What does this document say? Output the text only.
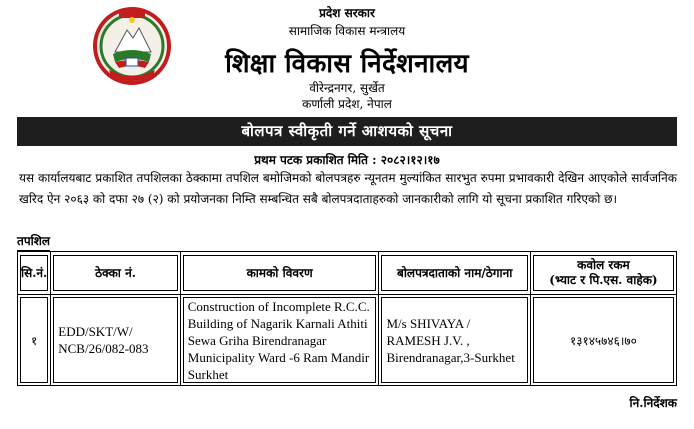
प्रदेश सरकार
सामाजिक विकास मन्त्रालय
शिक्षा विकास निर्देशनालय
वीरेन्द्रनगर, सुर्खेत
कर्णाली प्रदेश, नेपाल
बोलपत्र स्वीकृती गर्ने आशयको सूचना
प्रथम पटक प्रकाशित मिति : २०८२।१२।१७
यस कार्यालयबाट प्रकाशित तपशिलका ठेक्कामा तपशिल बमोजिमको बोलपत्रहरु न्यूनतम मुल्यांकित सारभुत रुपमा प्रभावकारी देखिन आएकोले सार्वजनिक खरिद ऐन २०६३ को दफा २७ (२) को प्रयोजनका निम्ति सम्बन्धित सबै बोलपत्रदाताहरुको जानकारीको लागि यो सूचना प्रकाशित गरिएको छ।
तपशिल
सि.नं.	ठेक्का नं.	कामको विवरण	बोलपत्रदाताको नाम/ठेगाना	कवोल रकम
(भ्याट र पि.एस. वाहेक)

१	EDD/SKT/W/ NCB/26/082-083	Construction of Incomplete R.C.C. Building of Nagarik Karnali Athiti Sewa Griha Birendranagar Municipality Ward -6 Ram Mandir Surkhet	M/s SHIVAYA / RAMESH J.V. , Birendranagar,3-Surkhet	१३१४५७४६।७०
नि.निर्देशक
